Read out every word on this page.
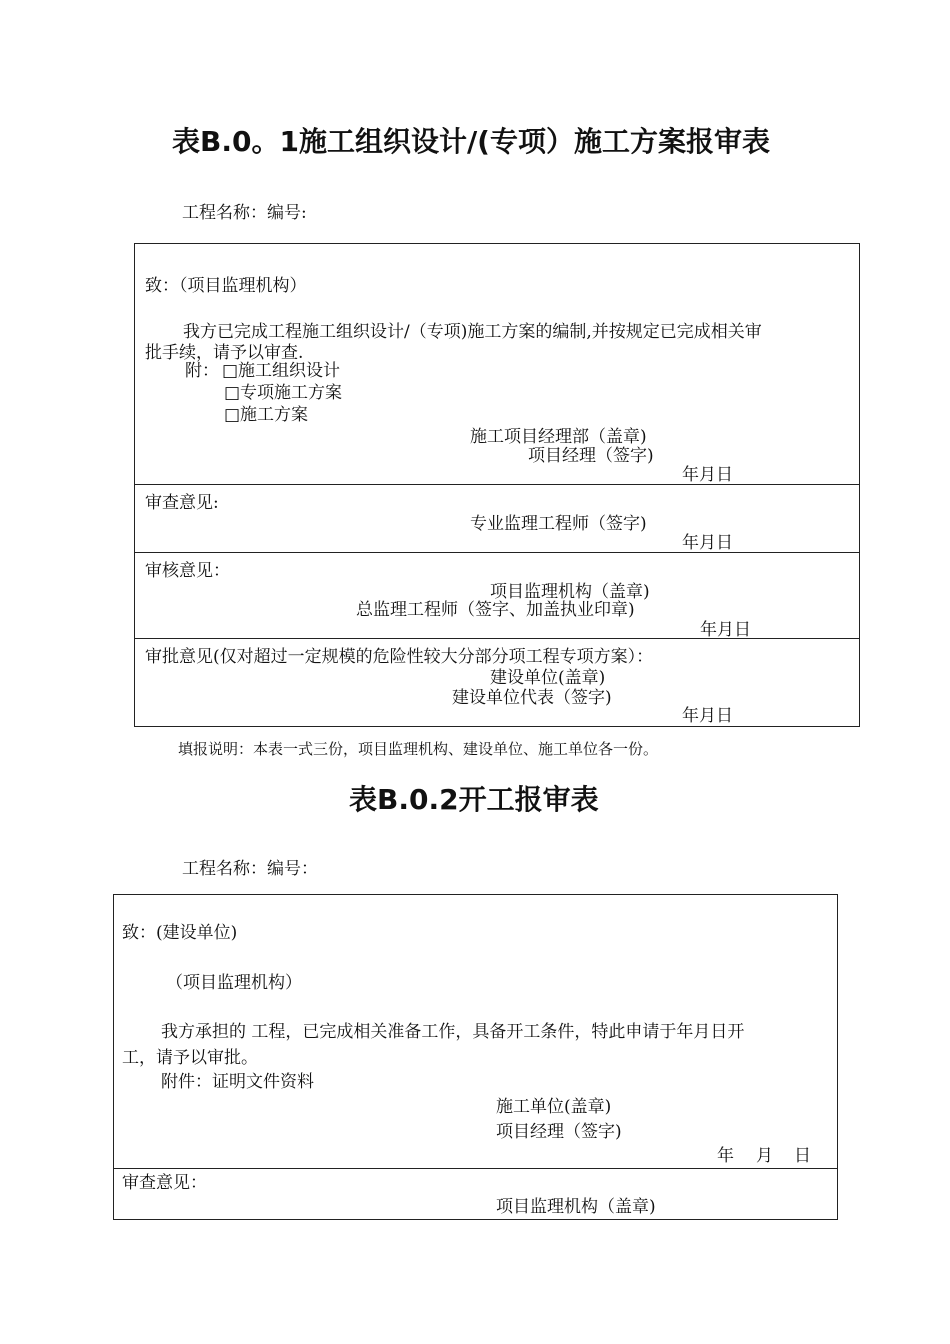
表B.0。1施工组织设计/(专项）施工方案报审表
工程名称：编号:
致：（项目监理机构）
我方已完成工程施工组织设计/（专项)施工方案的编制,并按规定已完成相关审
批手续，请予以审查.
附： □施工组织设计
□专项施工方案
□施工方案
施工项目经理部（盖章)
项目经理（签字)
年月日
审查意见:
专业监理工程师（签字)
年月日
审核意见：
项目监理机构（盖章)
总监理工程师（签字、加盖执业印章)
年月日
审批意见(仅对超过一定规模的危险性较大分部分项工程专项方案）：
建设单位(盖章)
建设单位代表（签字)
年月日
填报说明：本表一式三份，项目监理机构、建设单位、施工单位各一份。
表B.0.2开工报审表
工程名称：编号：
致：(建设单位)
（项目监理机构）
我方承担的 工程，已完成相关准备工作，具备开工条件，特此申请于年月日开
工，请予以审批。
附件：证明文件资料
施工单位(盖章)
项目经理（签字)
年 月 日
审查意见：
项目监理机构（盖章)
